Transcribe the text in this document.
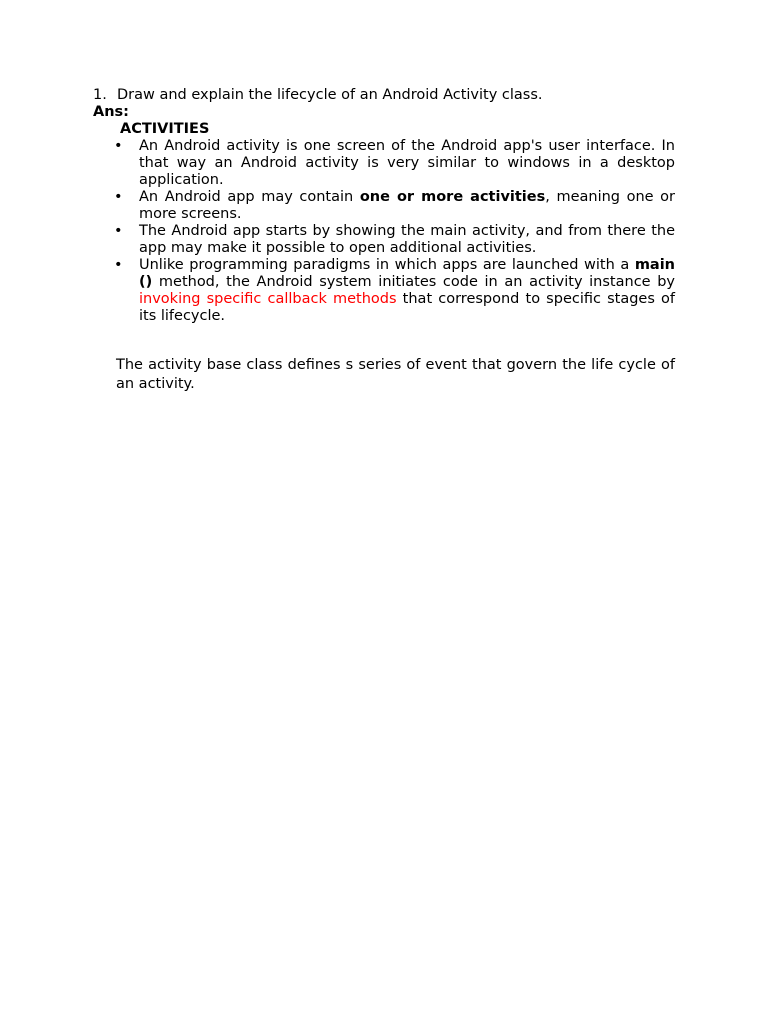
1. Draw and explain the lifecycle of an Android Activity class.

Ans:

ACTIVITIES

• An Android activity is one screen of the Android app's user interface. In that way an Android activity is very similar to windows in a desktop application.
• An Android app may contain one or more activities, meaning one or more screens.
• The Android app starts by showing the main activity, and from there the app may make it possible to open additional activities.
• Unlike programming paradigms in which apps are launched with a main () method, the Android system initiates code in an activity instance by invoking specific callback methods that correspond to specific stages of its lifecycle.

The activity base class defines s series of event that govern the life cycle of an activity.
